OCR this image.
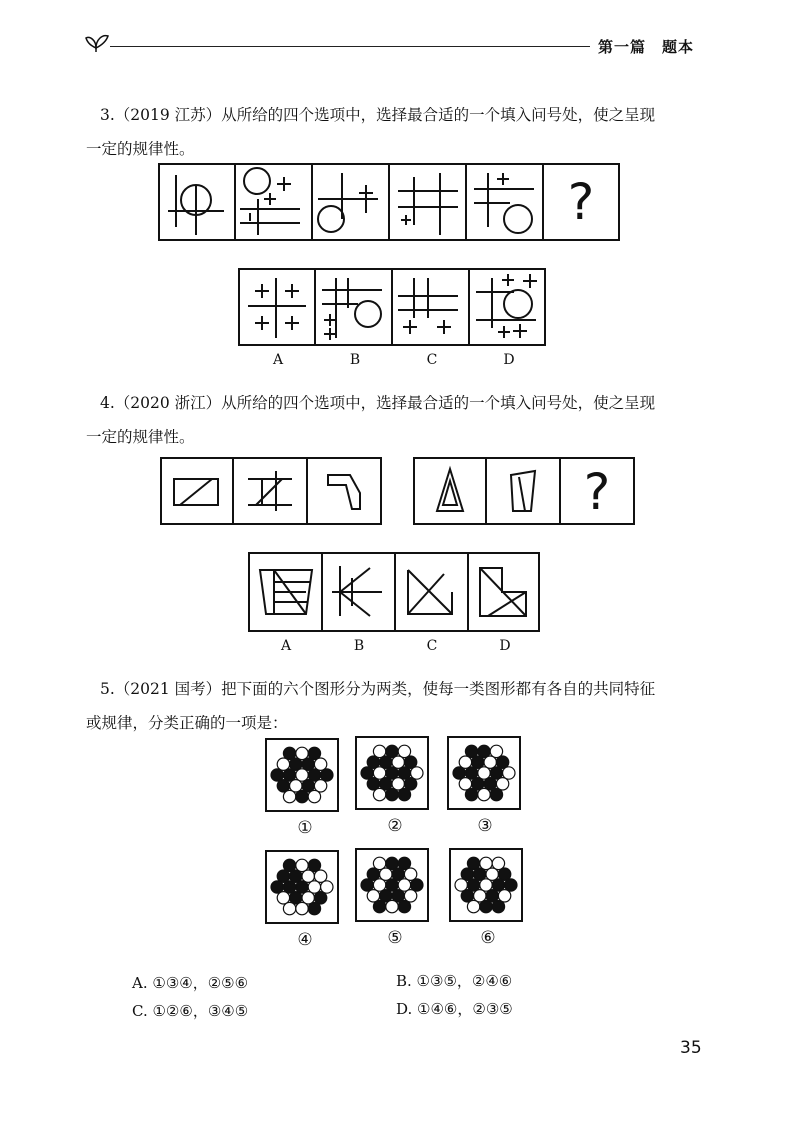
第一篇　题本
3.（2019 江苏）从所给的四个选项中，选择最合适的一个填入问号处，使之呈现
一定的规律性。
?
A	B	C	D
4.（2020 浙江）从所给的四个选项中，选择最合适的一个填入问号处，使之呈现
一定的规律性。
?
A	B	C	D
5.（2021 国考）把下面的六个图形分为两类，使每一类图形都有各自的共同特征
或规律，分类正确的一项是：
①	②	③
④	⑤	⑥
A. ①③④，②⑤⑥	B. ①③⑤，②④⑥
C. ①②⑥，③④⑤	D. ①④⑥，②③⑤
35
